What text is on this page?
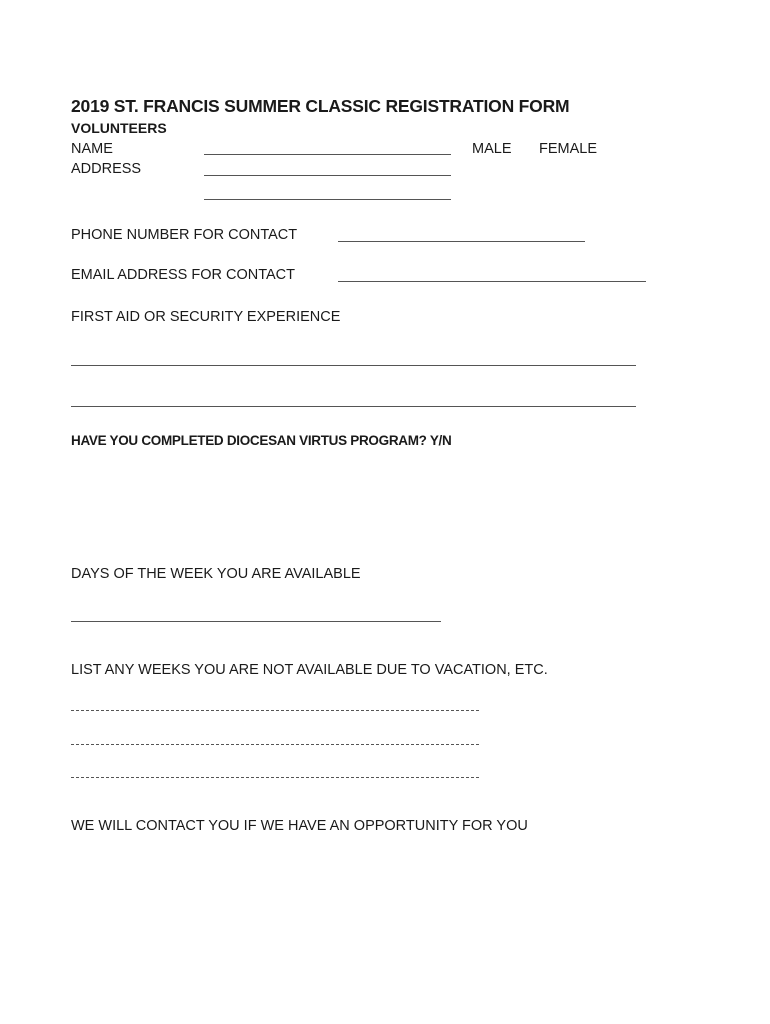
2019 ST. FRANCIS SUMMER CLASSIC REGISTRATION FORM
VOLUNTEERS
NAME	MALE FEMALE
ADDRESS
PHONE NUMBER FOR CONTACT
EMAIL ADDRESS FOR CONTACT
FIRST AID OR SECURITY EXPERIENCE
HAVE YOU COMPLETED DIOCESAN VIRTUS PROGRAM? Y/N
DAYS OF THE WEEK YOU ARE AVAILABLE
LIST ANY WEEKS YOU ARE NOT AVAILABLE DUE TO VACATION, ETC.
WE WILL CONTACT YOU IF WE HAVE AN OPPORTUNITY FOR YOU
